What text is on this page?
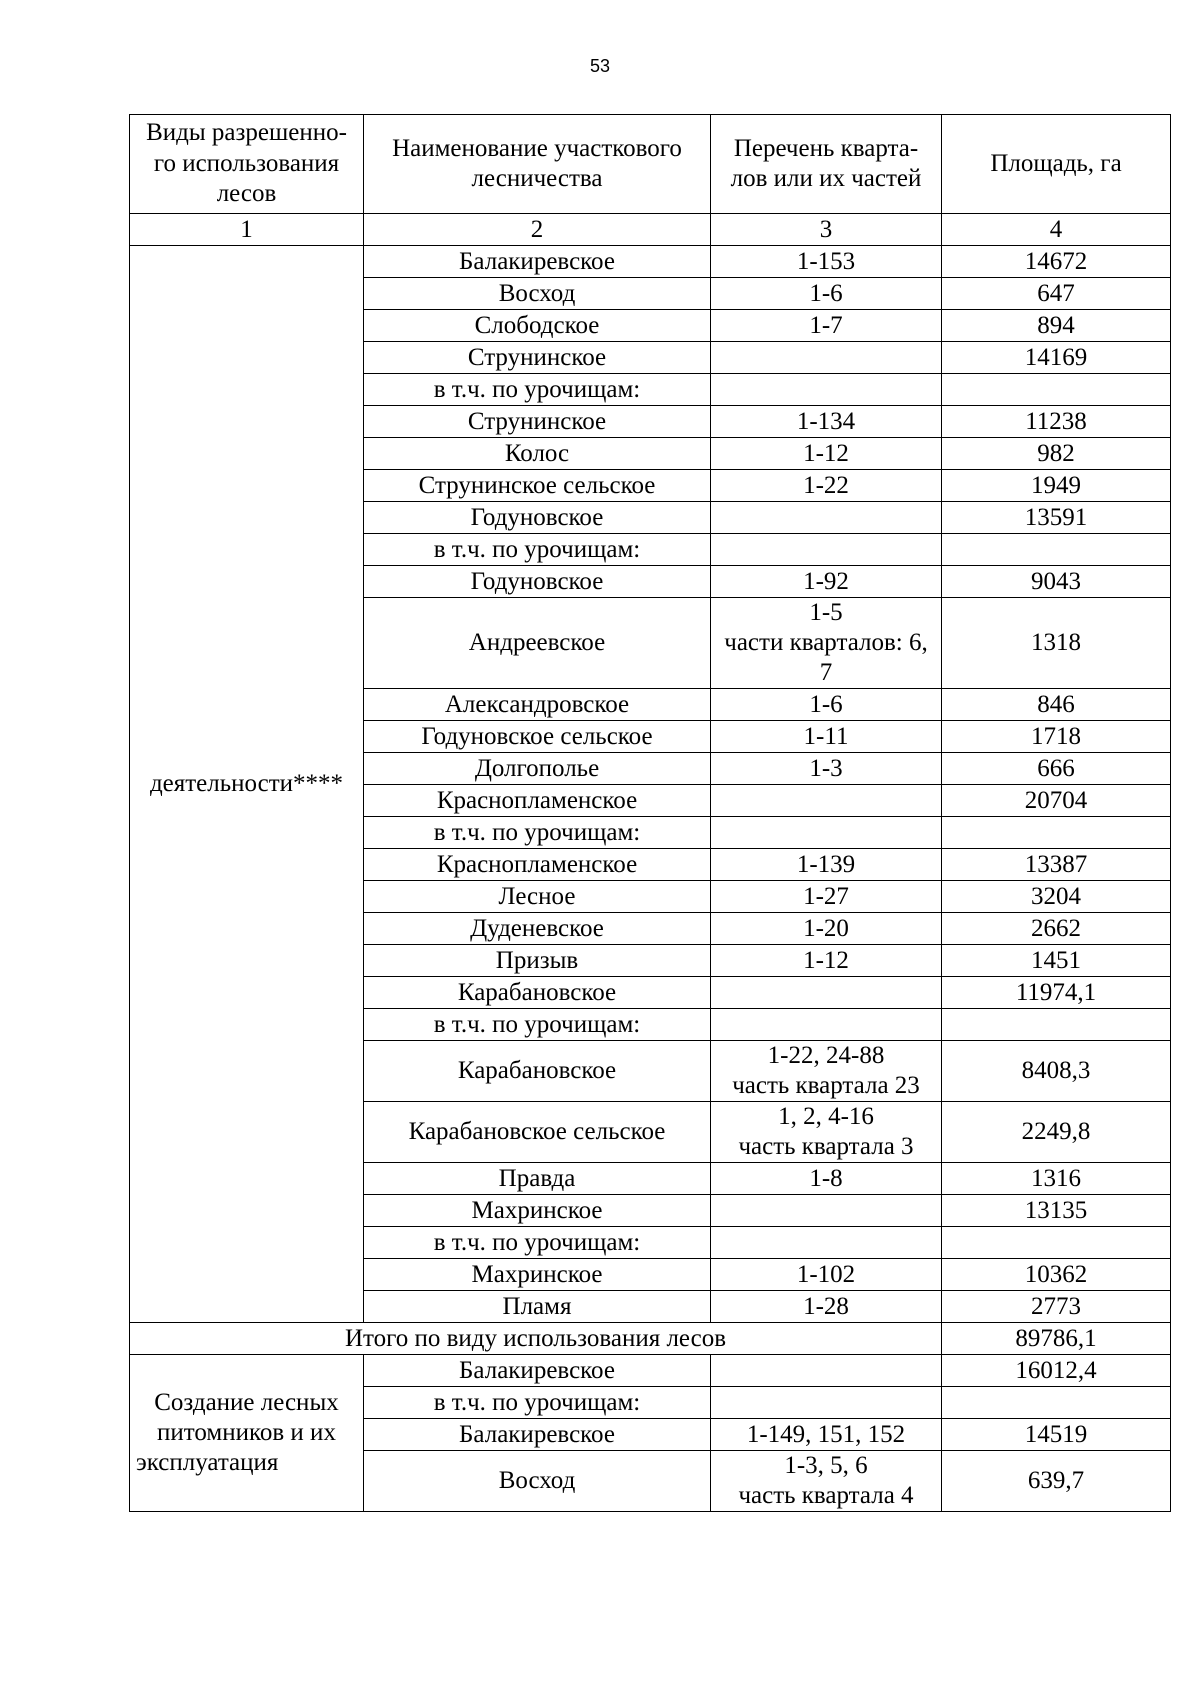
53
Виды разрешенно-го использования лесов	Наименование участкового лесничества	Перечень кварта-лов или их частей	Площадь, га
1	2	3	4
деятельности****	Балакиревское	1-153	14672
	Восход	1-6	647
	Слободское	1-7	894
	Струнинское		14169
	в т.ч. по урочищам:		
	Струнинское	1-134	11238
	Колос	1-12	982
	Струнинское сельское	1-22	1949
	Годуновское		13591
	в т.ч. по урочищам:		
	Годуновское	1-92	9043
	Андреевское	1-5
части кварталов: 6,
7	1318
	Александровское	1-6	846
	Годуновское сельское	1-11	1718
	Долгополье	1-3	666
	Краснопламенское		20704
	в т.ч. по урочищам:		
	Краснопламенское	1-139	13387
	Лесное	1-27	3204
	Дуденевское	1-20	2662
	Призыв	1-12	1451
	Карабановское		11974,1
	в т.ч. по урочищам:		
	Карабановское	1-22, 24-88
часть квартала 23	8408,3
	Карабановское сельское	1, 2, 4-16
часть квартала 3	2249,8
	Правда	1-8	1316
	Махринское		13135
	в т.ч. по урочищам:		
	Махринское	1-102	10362
	Пламя	1-28	2773
Итого по виду использования лесов			89786,1
Создание лесных питомников и их эксплуатация	Балакиревское		16012,4
	в т.ч. по урочищам:		
	Балакиревское	1-149, 151, 152	14519
	Восход	1-3, 5, 6
часть квартала 4	639,7
